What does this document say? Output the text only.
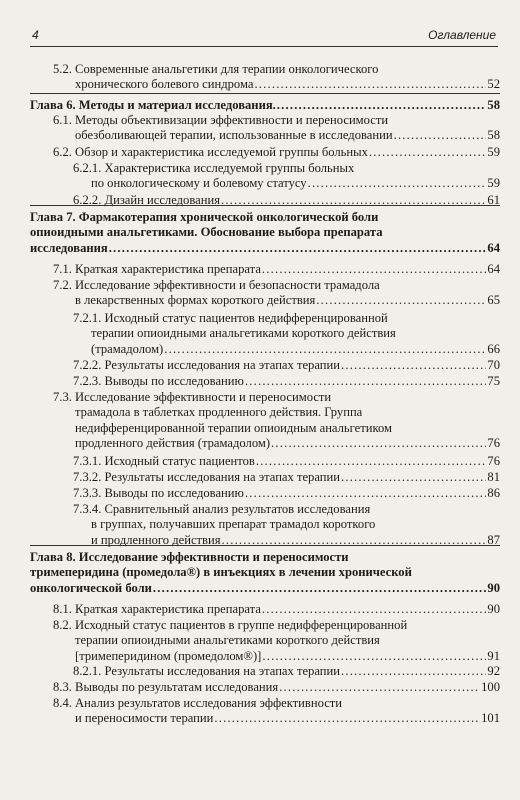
4	Оглавление
5.2. Современные анальгетики для терапии онкологического
хронического болевого синдрома .....	52
Глава 6. Методы и материал исследования. .....	58
6.1. Методы объективизации эффективности и переносимости
обезболивающей терапии, использованные в исследовании .....	58
6.2. Обзор и характеристика исследуемой группы больных .....	59
6.2.1. Характеристика исследуемой группы больных
по онкологическому и болевому статусу .....	59
6.2.2. Дизайн исследования .....	61
Глава 7. Фармакотерапия хронической онкологической боли
опиоидными анальгетиками. Обоснование выбора препарата
исследования .....	64
7.1. Краткая характеристика препарата .....	64
7.2. Исследование эффективности и безопасности трамадола
в лекарственных формах короткого действия .....	65
7.2.1. Исходный статус пациентов недифференцированной
терапии опиоидными анальгетиками короткого действия
(трамадолом) .....	66
7.2.2. Результаты исследования на этапах терапии .....	70
7.2.3. Выводы по исследованию .....	75
7.3. Исследование эффективности и переносимости
трамадола в таблетках продленного действия. Группа
недифференцированной терапии опиоидным анальгетиком
продленного действия (трамадолом) .....	76
7.3.1. Исходный статус пациентов .....	76
7.3.2. Результаты исследования на этапах терапии .....	81
7.3.3. Выводы по исследованию .....	86
7.3.4. Сравнительный анализ результатов исследования
в группах, получавших препарат трамадол короткого
и продленного действия .....	87
Глава 8. Исследование эффективности и переносимости
тримеперидина (промедола®) в инъекциях в лечении хронической
онкологической боли .....	90
8.1. Краткая характеристика препарата .....	90
8.2. Исходный статус пациентов в группе недифференцированной
терапии опиоидными анальгетиками короткого действия
[тримеперидином (промедолом®)] .....	91
8.2.1. Результаты исследования на этапах терапии .....	92
8.3. Выводы по результатам исследования .....	100
8.4. Анализ результатов исследования эффективности
и переносимости терапии .....	101
